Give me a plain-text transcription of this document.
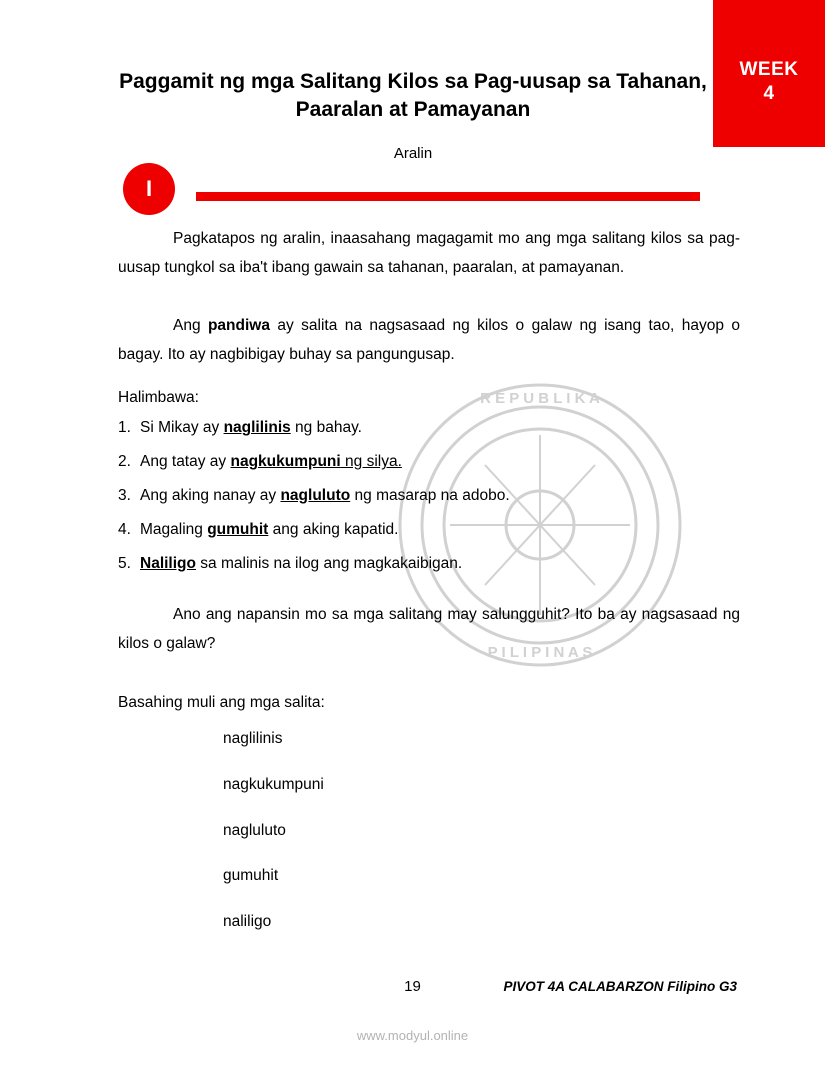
R E P U B L I K A
P I L I P I N A S
Paggamit ng mga Salitang Kilos sa Pag-uusap sa Tahanan, Paaralan at Pamayanan
Aralin
I

Pagkatapos ng aralin, inaasahang magagamit mo ang mga salitang kilos sa pag-uusap tungkol sa iba't ibang gawain sa tahanan, paaralan, at pamayanan.

Ang pandiwa ay salita na nagsasaad ng kilos o galaw ng isang tao, hayop o bagay. Ito ay nagbibigay buhay sa pangungusap.

Halimbawa:

1. Si Mikay ay naglilinis ng bahay.
2. Ang tatay ay nagkukumpuni ng silya.
3. Ang aking nanay ay nagluluto ng masarap na adobo.
4. Magaling gumuhit ang aking kapatid.
5. Naliligo sa malinis na ilog ang magkakaibigan.

Ano ang napansin mo sa mga salitang may salungguhit? Ito ba ay nagsasaad ng kilos o galaw?

Basahing muli ang mga salita:

naglilinis
nagkukumpuni
nagluluto
gumuhit
naliligo
19	PIVOT 4A CALABARZON Filipino G3
www.modyul.online
WEEK
4
